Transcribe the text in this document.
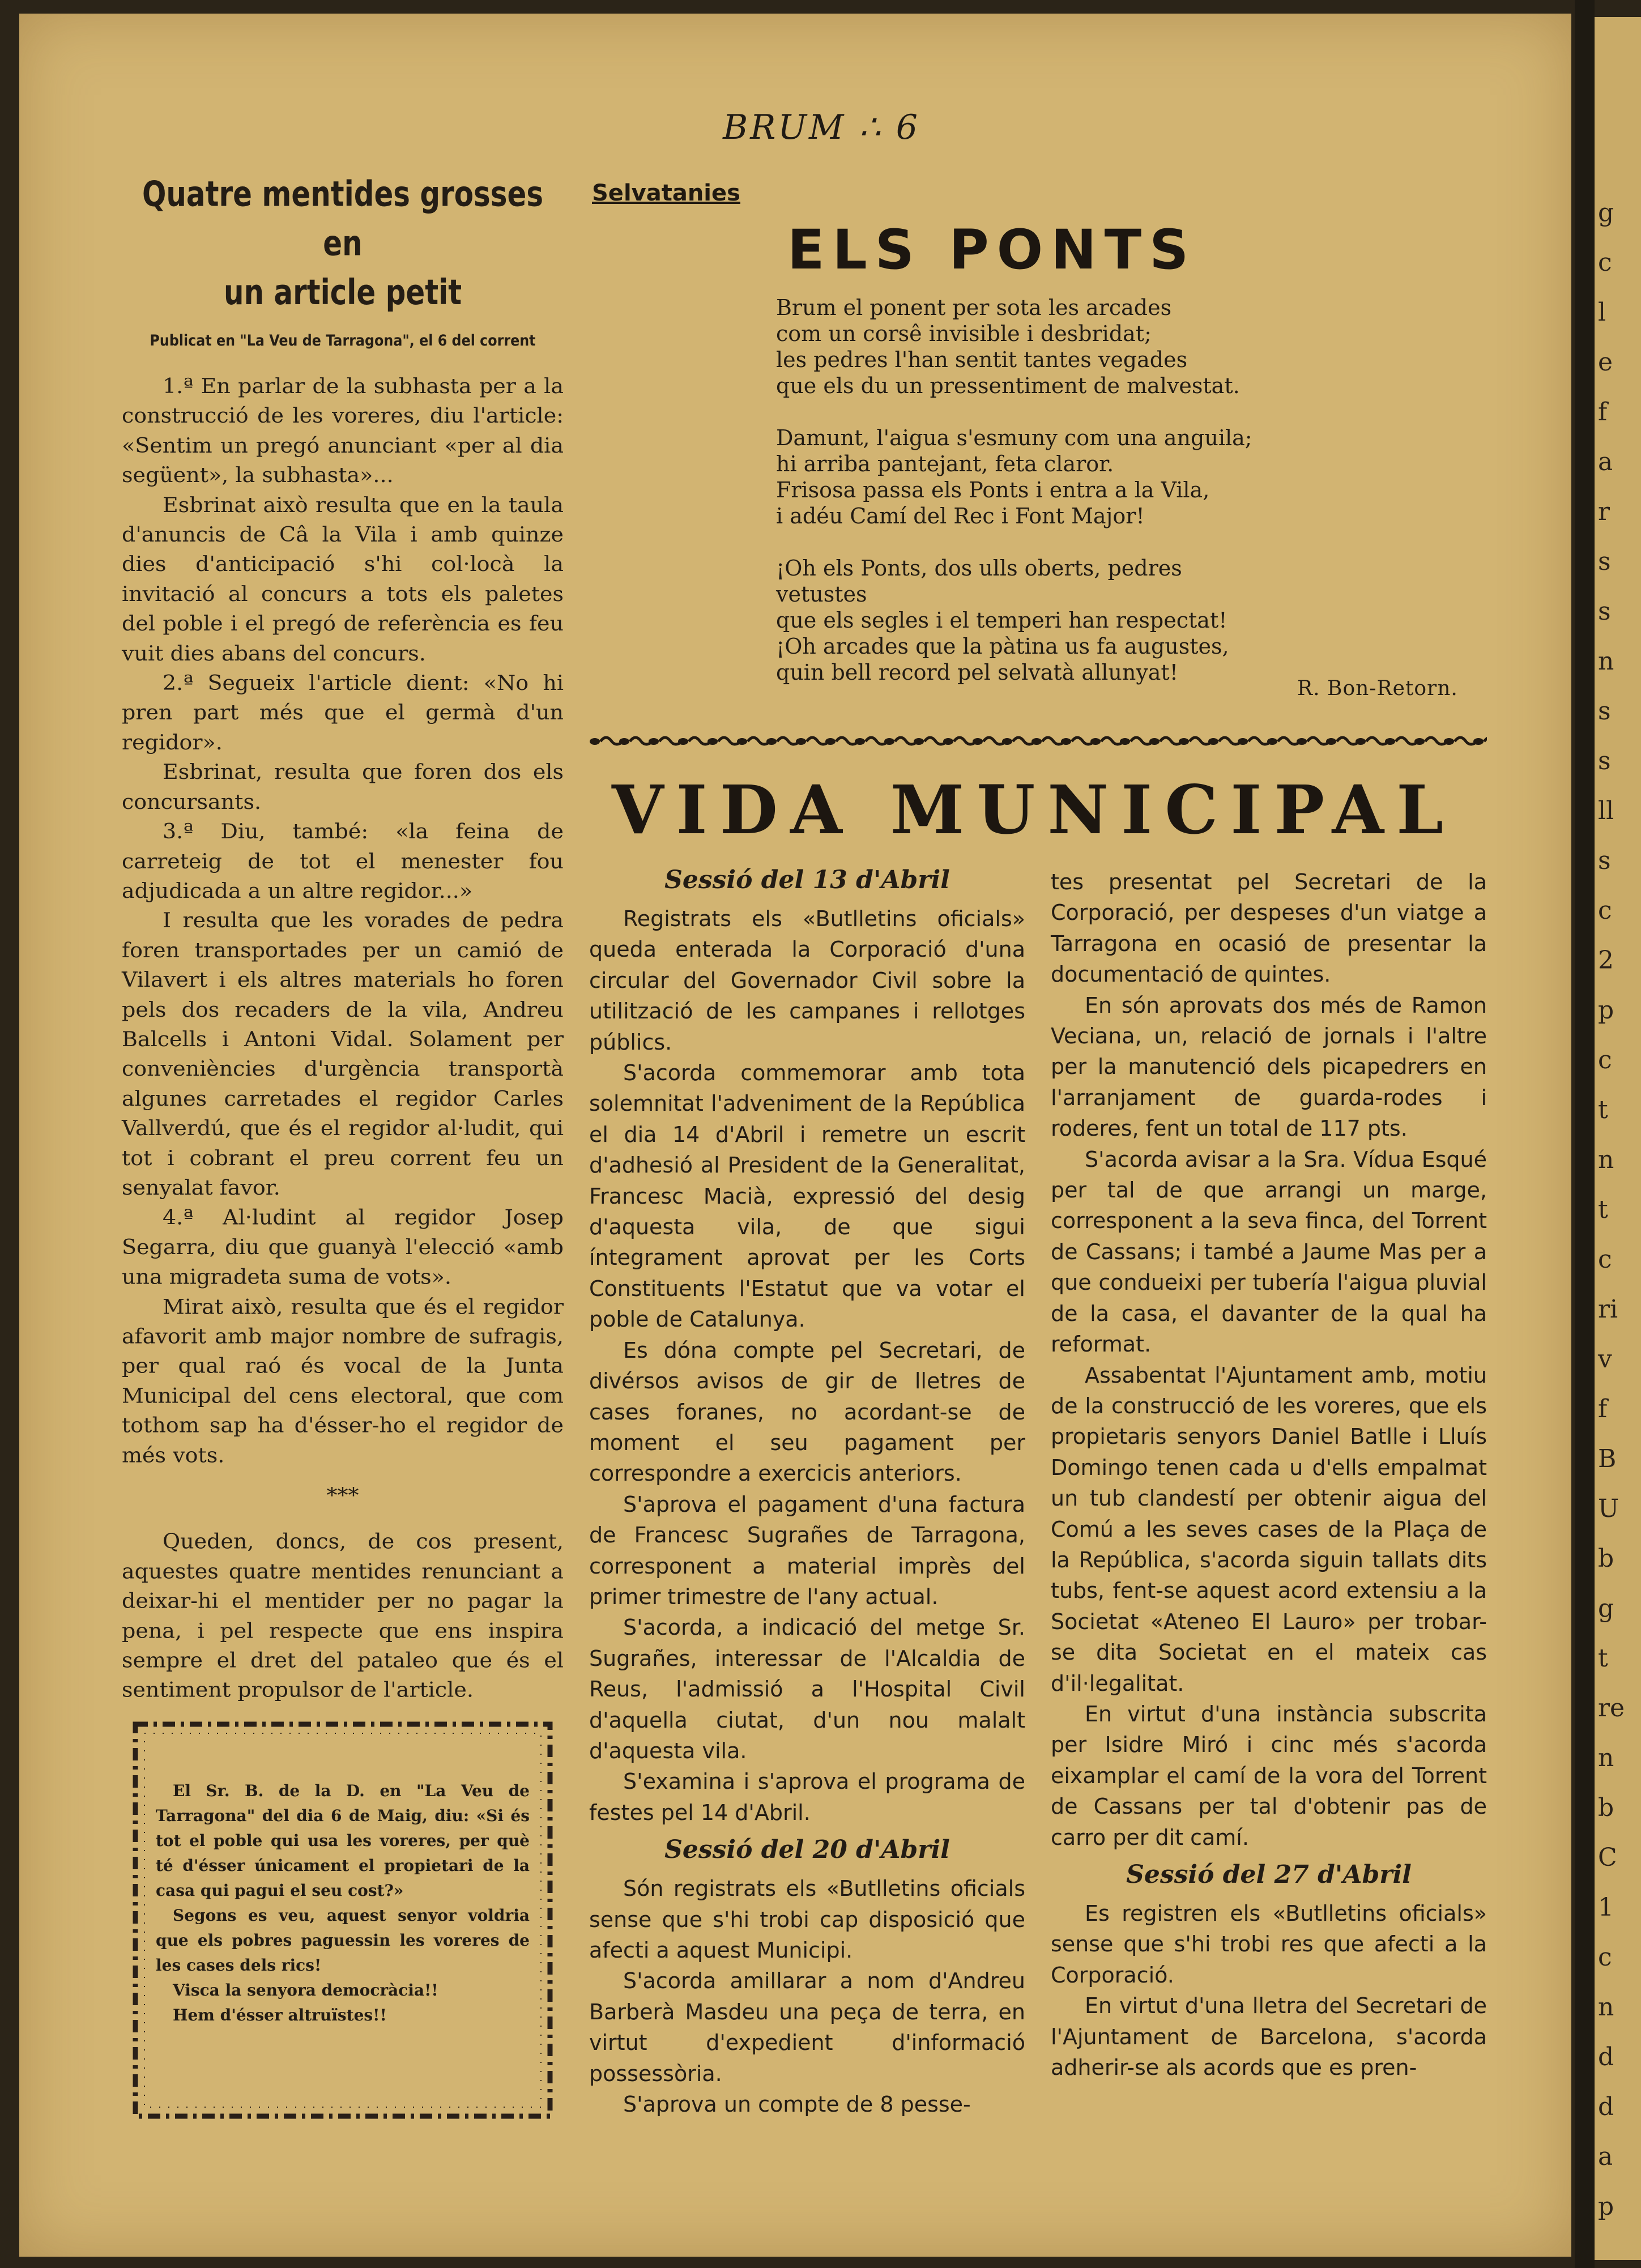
g
c
l
e
f
a
r
s
s
n
s
s
ll
s
c
2
p
c
t
n
t
c
ri
v
f
B
U
b
g
t
re
n
b
C
1
c
n
d
d
a
p
BRUM ∴ 6
Quatre mentides grosses en
un article petit
Publicat en "La Veu de Tarragona", el 6 del corrent

1.ª En parlar de la subhasta per a la construcció de les voreres, diu l'article: «Sentim un pregó anunciant «per al dia següent», la subhasta»...

Esbrinat això resulta que en la taula d'anuncis de Câ la Vila i amb quinze dies d'anticipació s'hi col·locà la invitació al concurs a tots els paletes del poble i el pregó de referència es feu vuit dies abans del concurs.

2.ª Segueix l'article dient: «No hi pren part més que el germà d'un regidor».

Esbrinat, resulta que foren dos els concursants.

3.ª Diu, també: «la feina de carreteig de tot el menester fou adjudicada a un altre regidor...»

I resulta que les vorades de pedra foren transportades per un camió de Vilavert i els altres materials ho foren pels dos recaders de la vila, Andreu Balcells i Antoni Vidal. Solament per conveniències d'urgència transportà algunes carretades el regidor Carles Vallverdú, que és el regidor al·ludit, qui tot i cobrant el preu corrent feu un senyalat favor.

4.ª Al·ludint al regidor Josep Segarra, diu que guanyà l'elecció «amb una migradeta suma de vots».

Mirat això, resulta que és el regidor afavorit amb major nombre de sufragis, per qual raó és vocal de la Junta Municipal del cens electoral, que com tothom sap ha d'ésser-ho el regidor de més vots.

***

Queden, doncs, de cos present, aquestes quatre mentides renunciant a deixar-hi el mentider per no pagar la pena, i pel respecte que ens inspira sempre el dret del pataleo que és el sentiment propulsor de l'article.

El Sr. B. de la D. en "La Veu de Tarragona" del dia 6 de Maig, diu: «Si és tot el poble qui usa les voreres, per què té d'ésser únicament el propietari de la casa qui pagui el seu cost?»

Segons es veu, aquest senyor voldria que els pobres paguessin les voreres de les cases dels rics!

Visca la senyora democràcia!!

Hem d'ésser altruïstes!!

Selvatanies
ELS PONTS
Brum el ponent per sota les arcades
com un corsê invisible i desbridat;
les pedres l'han sentit tantes vegades
que els du un pressentiment de malvestat.
Damunt, l'aigua s'esmuny com una anguila;
hi arriba pantejant, feta claror.
Frisosa passa els Ponts i entra a la Vila,
i adéu Camí del Rec i Font Major!
¡Oh els Ponts, dos ulls oberts, pedres vetustes
que els segles i el temperi han respectat!
¡Oh arcades que la pàtina us fa augustes,
quin bell record pel selvatà allunyat!
R. Bon-Retorn.
VIDA MUNICIPAL
Sessió del 13 d'Abril

Registrats els «Butlletins oficials» queda enterada la Corporació d'una circular del Governador Civil sobre la utilització de les campanes i rellotges públics.

S'acorda commemorar amb tota solemnitat l'adveniment de la República el dia 14 d'Abril i remetre un escrit d'adhesió al President de la Generalitat, Francesc Macià, expressió del desig d'aquesta vila, de que sigui íntegrament aprovat per les Corts Constituents l'Estatut que va votar el poble de Catalunya.

Es dóna compte pel Secretari, de divérsos avisos de gir de lletres de cases foranes, no acordant-se de moment el seu pagament per correspondre a exercicis anteriors.

S'aprova el pagament d'una factura de Francesc Sugrañes de Tarragona, corresponent a material imprès del primer trimestre de l'any actual.

S'acorda, a indicació del metge Sr. Sugrañes, interessar de l'Alcaldia de Reus, l'admissió a l'Hospital Civil d'aquella ciutat, d'un nou malalt d'aquesta vila.

S'examina i s'aprova el programa de festes pel 14 d'Abril.

Sessió del 20 d'Abril

Són registrats els «Butlletins oficials sense que s'hi trobi cap disposició que afecti a aquest Municipi.

S'acorda amillarar a nom d'Andreu Barberà Masdeu una peça de terra, en virtut d'expedient d'informació possessòria.

S'aprova un compte de 8 pesse-

tes presentat pel Secretari de la Corporació, per despeses d'un viatge a Tarragona en ocasió de presentar la documentació de quintes.

En són aprovats dos més de Ramon Veciana, un, relació de jornals i l'altre per la manutenció dels picapedrers en l'arranjament de guarda-rodes i roderes, fent un total de 117 pts.

S'acorda avisar a la Sra. Vídua Esqué per tal de que arrangi un marge, corresponent a la seva finca, del Torrent de Cassans; i també a Jaume Mas per a que condueixi per tubería l'aigua pluvial de la casa, el davanter de la qual ha reformat.

Assabentat l'Ajuntament amb, motiu de la construcció de les voreres, que els propietaris senyors Daniel Batlle i Lluís Domingo tenen cada u d'ells empalmat un tub clandestí per obtenir aigua del Comú a les seves cases de la Plaça de la República, s'acorda siguin tallats dits tubs, fent-se aquest acord extensiu a la Societat «Ateneo El Lauro» per trobar-se dita Societat en el mateix cas d'il·legalitat.

En virtut d'una instància subscrita per Isidre Miró i cinc més s'acorda eixamplar el camí de la vora del Torrent de Cassans per tal d'obtenir pas de carro per dit camí.

Sessió del 27 d'Abril

Es registren els «Butlletins oficials» sense que s'hi trobi res que afecti a la Corporació.

En virtut d'una lletra del Secretari de l'Ajuntament de Barcelona, s'acorda adherir-se als acords que es pren-
